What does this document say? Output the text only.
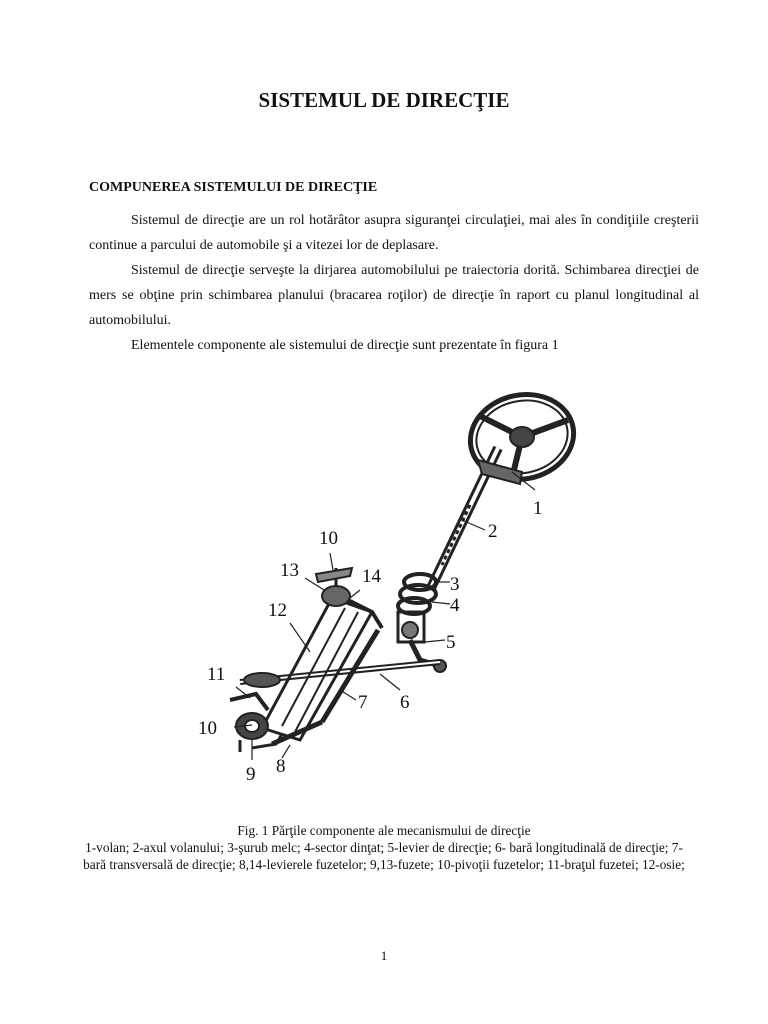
SISTEMUL DE DIRECŢIE
COMPUNEREA SISTEMULUI DE DIRECŢIE

Sistemul de direcţie are un rol hotărâtor asupra siguranţei circulaţiei, mai ales în condiţiile creşterii continue a parcului de automobile şi a vitezei lor de deplasare.

Sistemul de direcţie serveşte la dirjarea automobilului pe traiectoria dorită. Schimbarea direcţiei de mers se obţine prin schimbarea planului (bracarea roţilor) de direcţie în raport cu planul longitudinal al automobilului.

Elementele componente ale sistemului de direcţie sunt prezentate în figura 1

1
2
3
4
5
6
7
8
9
10
10
11
12
13	14
Fig. 1 Părţile componente ale mecanismului de direcţie
1-volan; 2-axul volanului; 3-şurub melc; 4-sector dinţat; 5-levier de direcţie; 6- bară longitudinală de direcţie; 7- bară transversală de direcţie; 8,14-levierele fuzetelor; 9,13-fuzete; 10-pivoţii fuzetelor; 11-braţul fuzetei; 12-osie;
1
